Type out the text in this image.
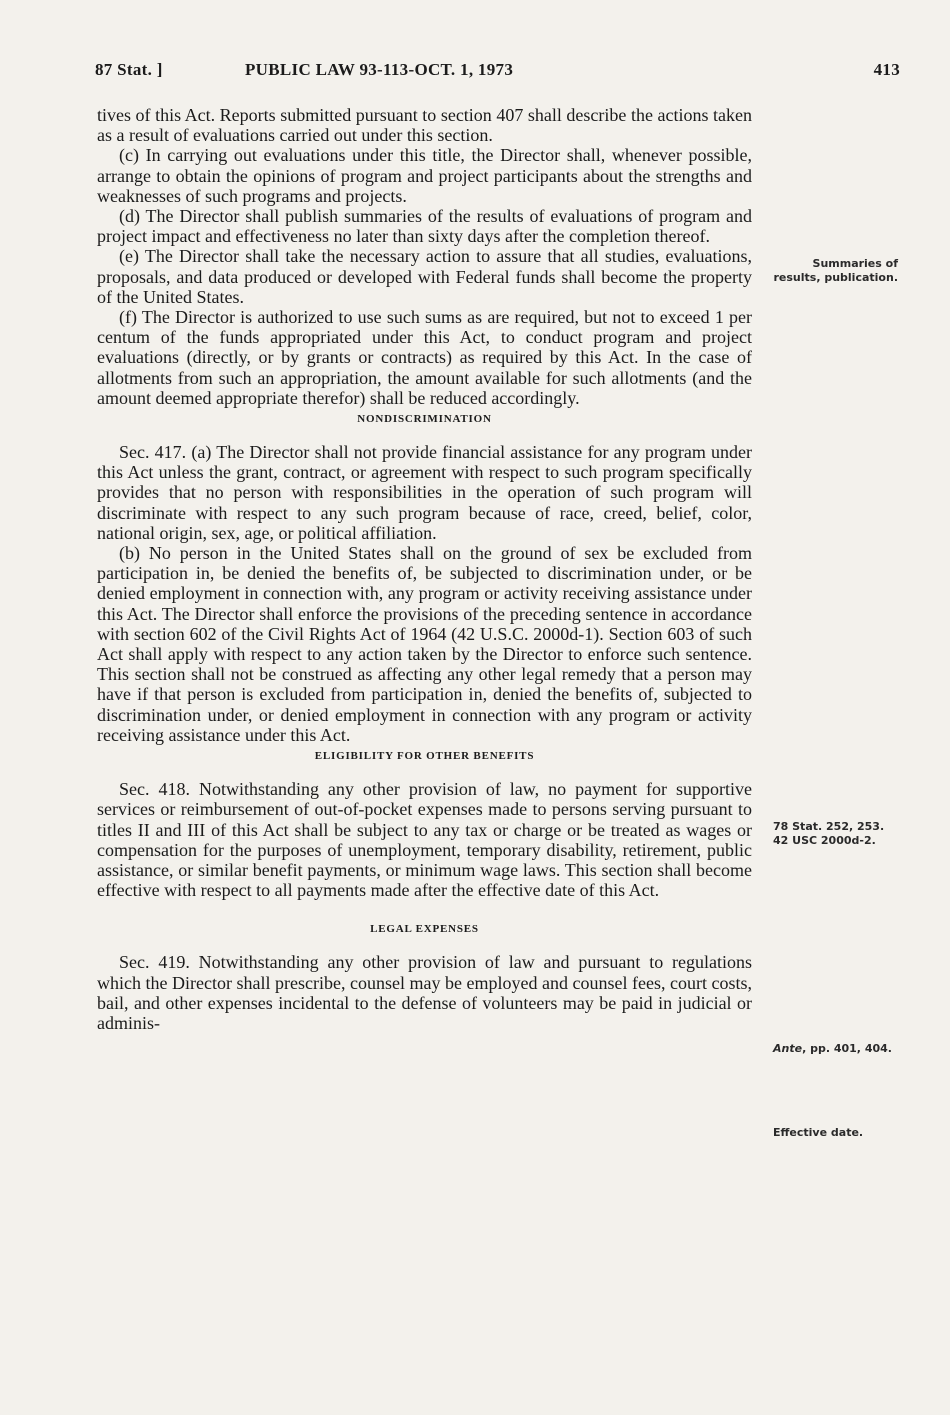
87 Stat. ]	PUBLIC LAW 93-113-OCT. 1, 1973	413

tives of this Act. Reports submitted pursuant to section 407 shall describe the actions taken as a result of evaluations carried out under this section.

(c) In carrying out evaluations under this title, the Director shall, whenever possible, arrange to obtain the opinions of program and project participants about the strengths and weaknesses of such programs and projects.

(d) The Director shall publish summaries of the results of evaluations of program and project impact and effectiveness no later than sixty days after the completion thereof.

(e) The Director shall take the necessary action to assure that all studies, evaluations, proposals, and data produced or developed with Federal funds shall become the property of the United States.

(f) The Director is authorized to use such sums as are required, but not to exceed 1 per centum of the funds appropriated under this Act, to conduct program and project evaluations (directly, or by grants or contracts) as required by this Act. In the case of allotments from such an appropriation, the amount available for such allotments (and the amount deemed appropriate therefor) shall be reduced accordingly.

NONDISCRIMINATION

Sec. 417. (a) The Director shall not provide financial assistance for any program under this Act unless the grant, contract, or agreement with respect to such program specifically provides that no person with responsibilities in the operation of such program will discriminate with respect to any such program because of race, creed, belief, color, national origin, sex, age, or political affiliation.

(b) No person in the United States shall on the ground of sex be excluded from participation in, be denied the benefits of, be subjected to discrimination under, or be denied employment in connection with, any program or activity receiving assistance under this Act. The Director shall enforce the provisions of the preceding sentence in accordance with section 602 of the Civil Rights Act of 1964 (42 U.S.C. 2000d-1). Section 603 of such Act shall apply with respect to any action taken by the Director to enforce such sentence. This section shall not be construed as affecting any other legal remedy that a person may have if that person is excluded from participation in, denied the benefits of, subjected to discrimination under, or denied employment in connection with any program or activity receiving assistance under this Act.

ELIGIBILITY FOR OTHER BENEFITS

Sec. 418. Notwithstanding any other provision of law, no payment for supportive services or reimbursement of out-of-pocket expenses made to persons serving pursuant to titles II and III of this Act shall be subject to any tax or charge or be treated as wages or compensation for the purposes of unemployment, temporary disability, retirement, public assistance, or similar benefit payments, or minimum wage laws. This section shall become effective with respect to all payments made after the effective date of this Act.

LEGAL EXPENSES

Sec. 419. Notwithstanding any other provision of law and pursuant to regulations which the Director shall prescribe, counsel may be employed and counsel fees, court costs, bail, and other expenses incidental to the defense of volunteers may be paid in judicial or adminis-

Summaries of results, publication.
78 Stat. 252, 253.
42 USC 2000d-2.
Ante, pp. 401, 404.
Effective date.
